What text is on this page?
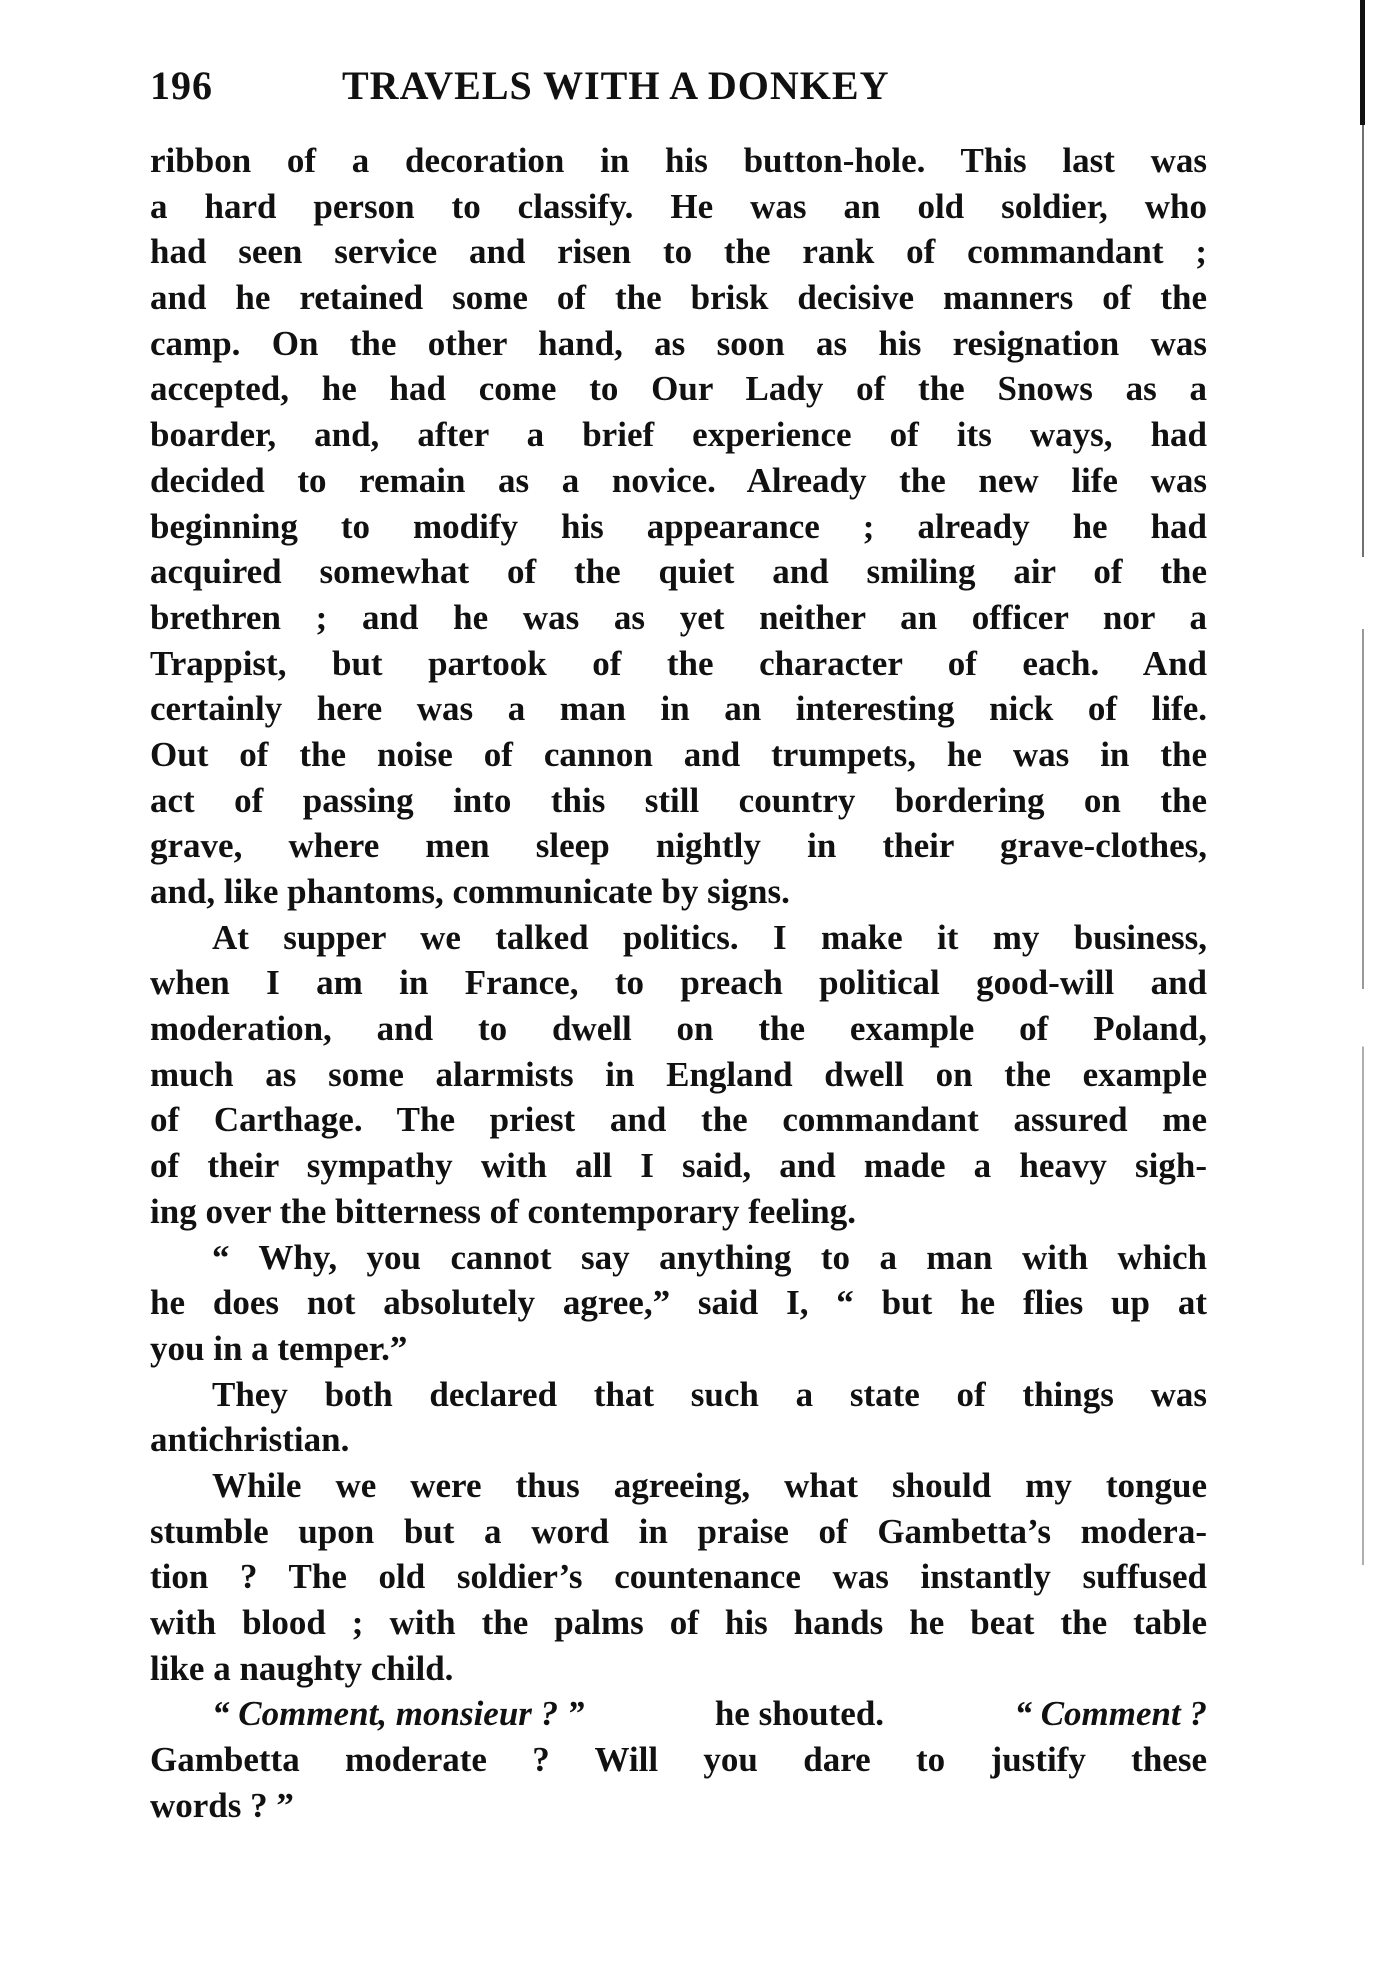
196	TRAVELS WITH A DONKEY
ribbon of a decoration in his button-hole. This last was
a hard person to classify. He was an old soldier, who
had seen service and risen to the rank of commandant ;
and he retained some of the brisk decisive manners of the
camp. On the other hand, as soon as his resignation was
accepted, he had come to Our Lady of the Snows as a
boarder, and, after a brief experience of its ways, had
decided to remain as a novice. Already the new life was
beginning to modify his appearance ; already he had
acquired somewhat of the quiet and smiling air of the
brethren ; and he was as yet neither an officer nor a
Trappist, but partook of the character of each. And
certainly here was a man in an interesting nick of life.
Out of the noise of cannon and trumpets, he was in the
act of passing into this still country bordering on the
grave, where men sleep nightly in their grave-clothes,
and, like phantoms, communicate by signs.
At supper we talked politics. I make it my business,
when I am in France, to preach political good-will and
moderation, and to dwell on the example of Poland,
much as some alarmists in England dwell on the example
of Carthage. The priest and the commandant assured me
of their sympathy with all I said, and made a heavy sigh-
ing over the bitterness of contemporary feeling.
“ Why, you cannot say anything to a man with which
he does not absolutely agree,” said I, “ but he flies up at
you in a temper.”
They both declared that such a state of things was
antichristian.
While we were thus agreeing, what should my tongue
stumble upon but a word in praise of Gambetta’s modera-
tion ? The old soldier’s countenance was instantly suffused
with blood ; with the palms of his hands he beat the table
like a naughty child.
“ Comment, monsieur ? ”	he shouted.	“ Comment ?
Gambetta moderate ? Will you dare to justify these
words ? ”
